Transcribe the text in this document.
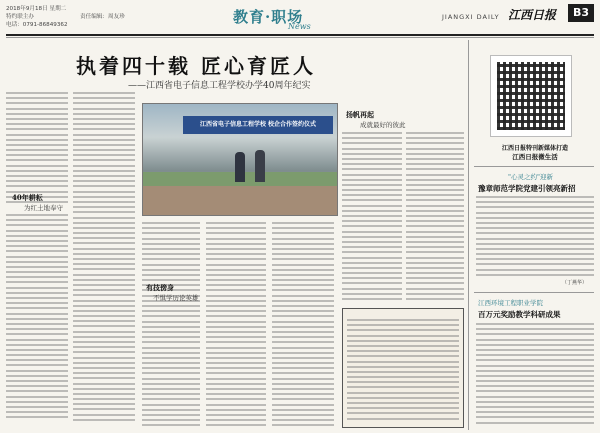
2018年9月18日 星期二
特约联主办	责任编辑：周友珍
电话：0791-86849362	教育·职场
News
JIANGXI DAILY 江西日报	B3
执着四十载 匠心育匠人
——江西省电子信息工程学校办学40周年纪实
40年耕耘
为红土地奉守
江西省电子信息工程学校 校企合作签约仪式
有技傍身
不惧学历论英雄
扬帆再起
成就最好的彼此
江西日报特刊新媒体打造
江西日报微生活
"心灵之约"迎新
豫章师范学院党建引领亮新招
（丁燕华）
江西环境工程职业学院
百万元奖励教学科研成果
